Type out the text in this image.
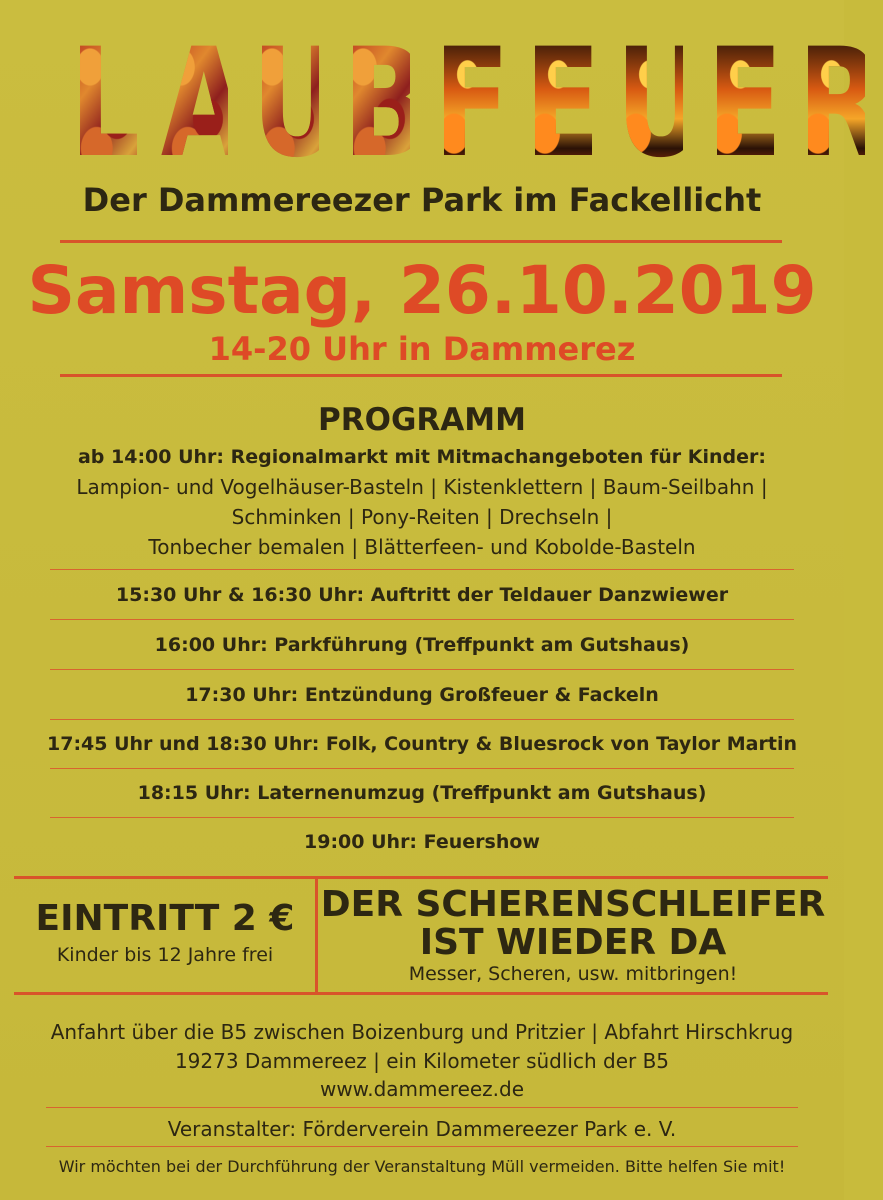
L A U B F E U E R
Der Dammereezer Park im Fackellicht
Samstag, 26.10.2019
14-20 Uhr in Dammerez
PROGRAMM
ab 14:00 Uhr: Regionalmarkt mit Mitmachangeboten für Kinder:
Lampion- und Vogelhäuser-Basteln | Kistenklettern | Baum-Seilbahn |
Schminken | Pony-Reiten | Drechseln |
Tonbecher bemalen | Blätterfeen- und Kobolde-Basteln
15:30 Uhr & 16:30 Uhr: Auftritt der Teldauer Danzwiewer
16:00 Uhr: Parkführung (Treffpunkt am Gutshaus)
17:30 Uhr: Entzündung Großfeuer & Fackeln
17:45 Uhr und 18:30 Uhr: Folk, Country & Bluesrock von Taylor Martin
18:15 Uhr: Laternenumzug (Treffpunkt am Gutshaus)
19:00 Uhr: Feuershow
EINTRITT 2 €
Kinder bis 12 Jahre frei
DER SCHERENSCHLEIFER
IST WIEDER DA
Messer, Scheren, usw. mitbringen!
Anfahrt über die B5 zwischen Boizenburg und Pritzier | Abfahrt Hirschkrug
19273 Dammereez | ein Kilometer südlich der B5
www.dammereez.de
Veranstalter: Förderverein Dammereezer Park e. V.
Wir möchten bei der Durchführung der Veranstaltung Müll vermeiden. Bitte helfen Sie mit!
